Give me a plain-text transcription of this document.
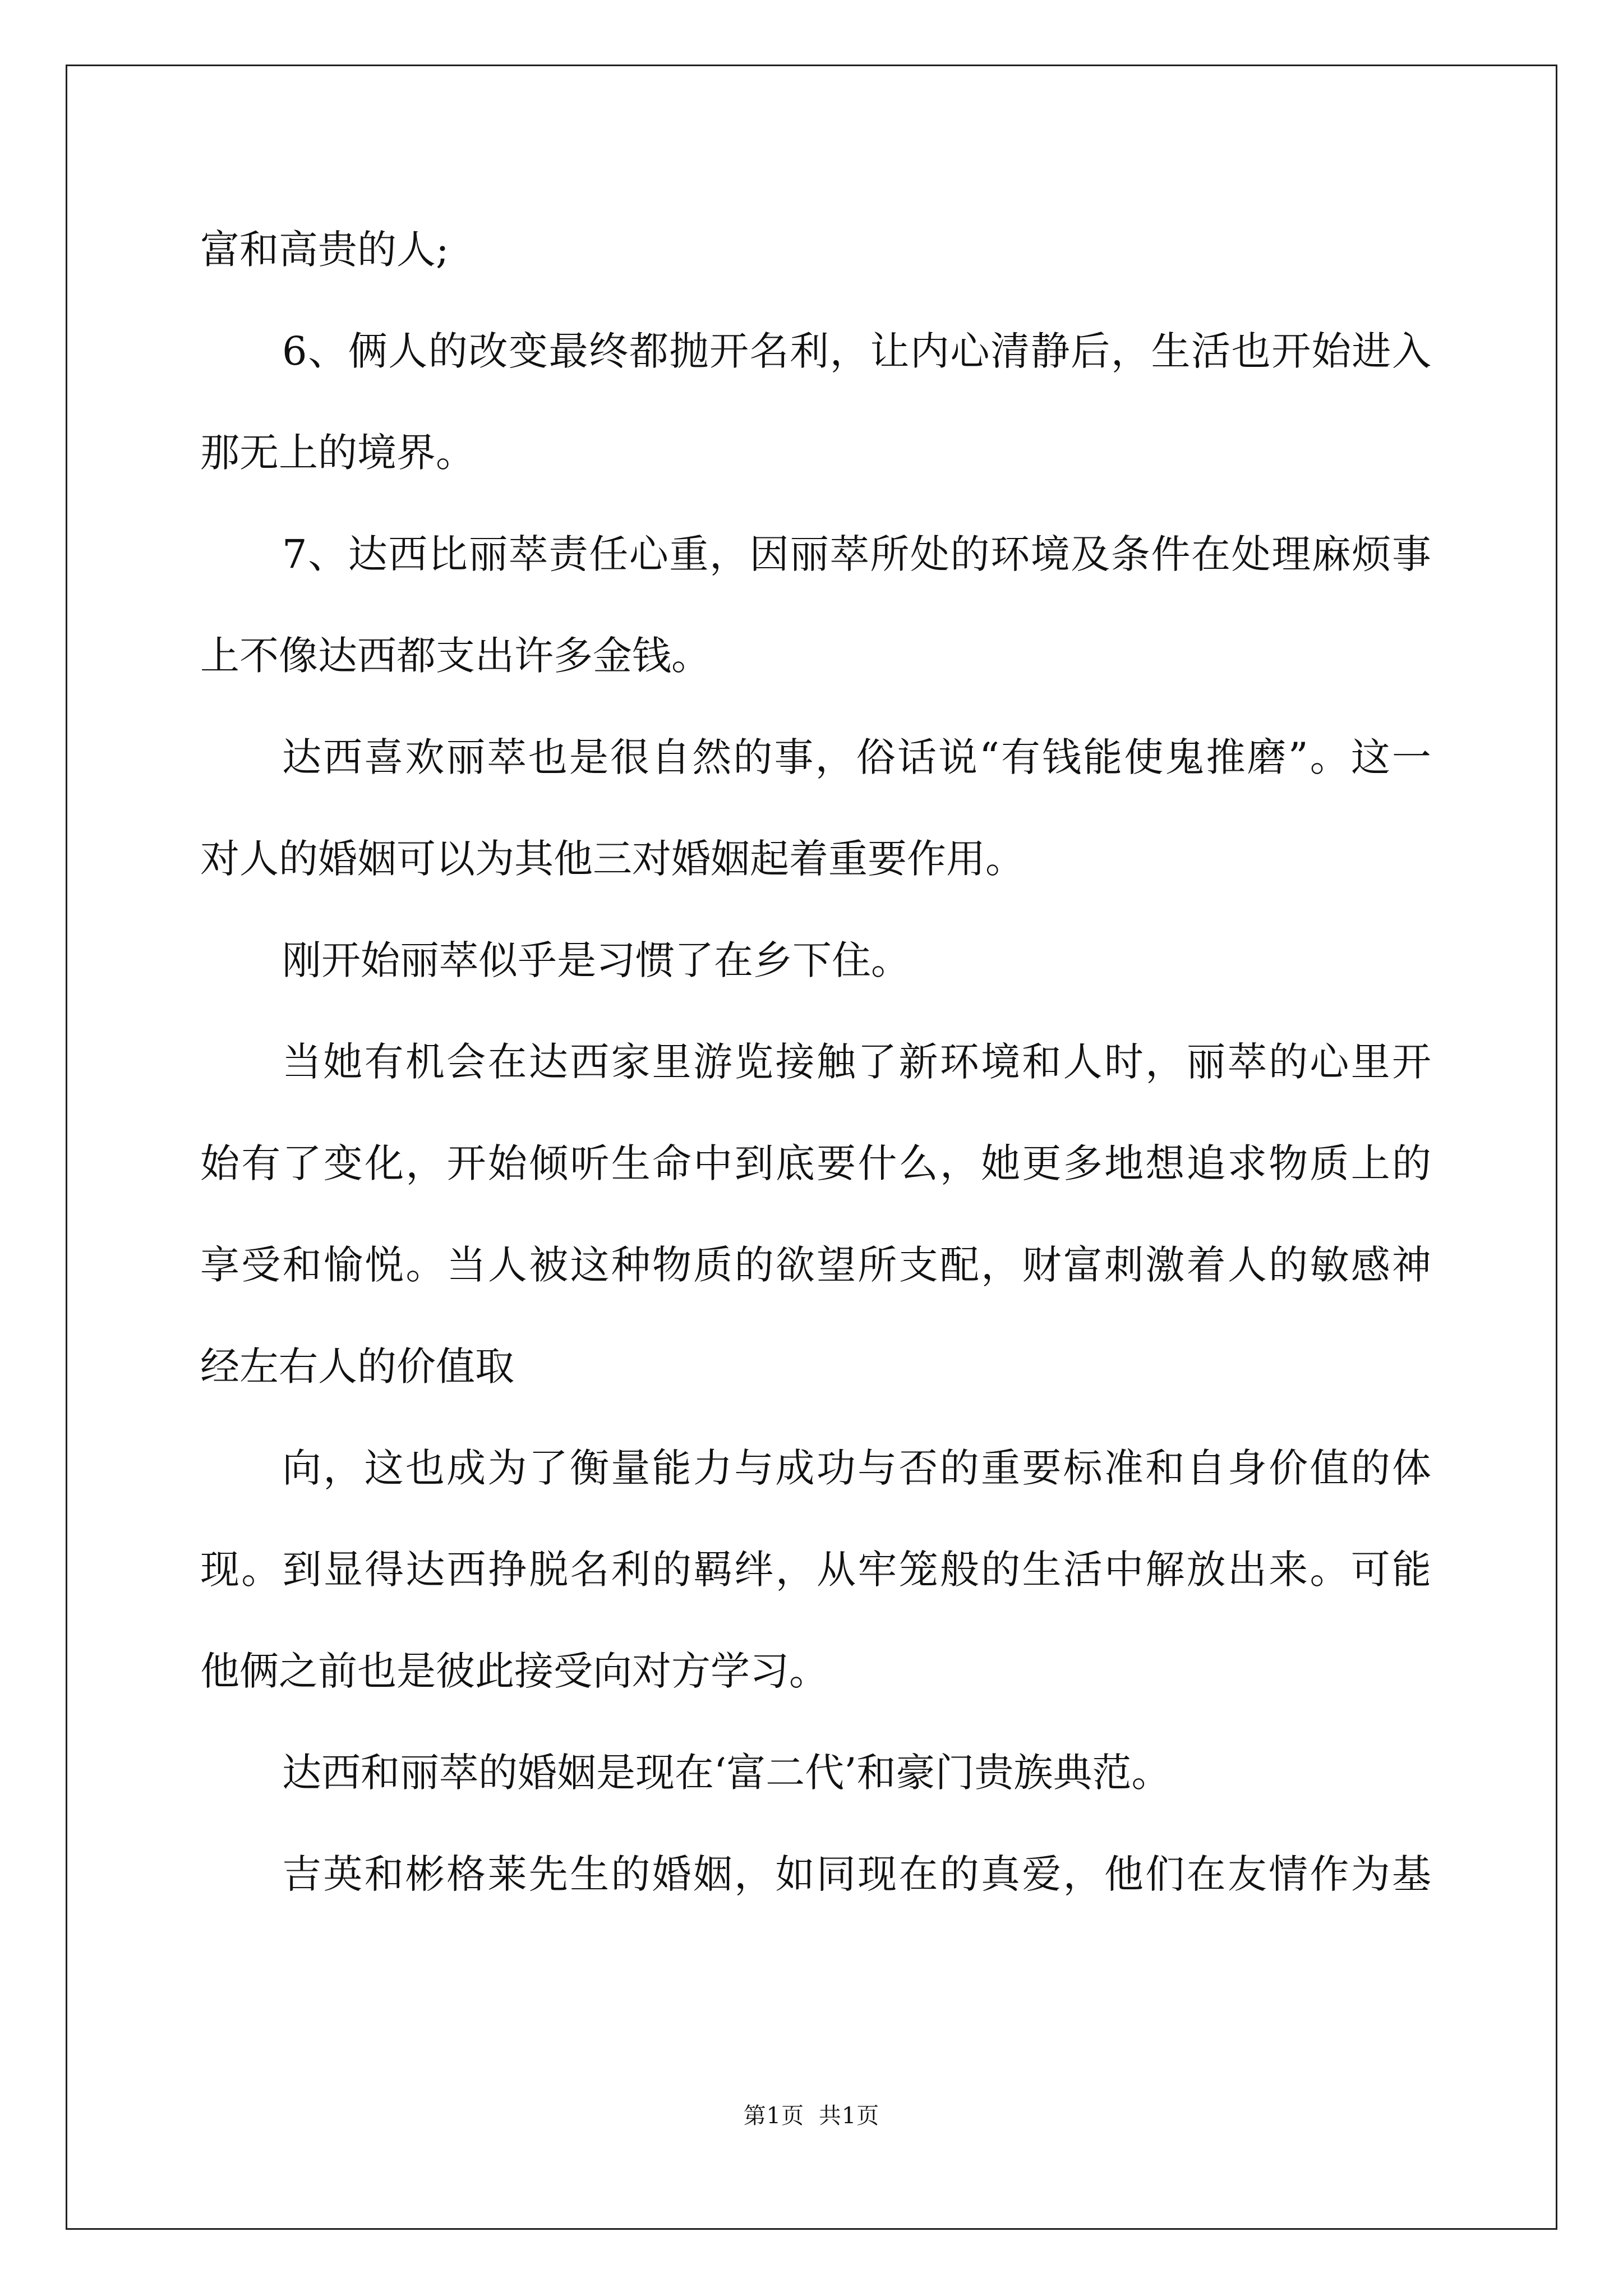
富和高贵的人;
6、俩人的改变最终都抛开名利，让内心清静后，生活也开始进入
那无上的境界。
7、达西比丽萃责任心重，因丽萃所处的环境及条件在处理麻烦事
上不像达西都支出许多金钱。
达西喜欢丽萃也是很自然的事，俗话说“有钱能使鬼推磨”。这一
对人的婚姻可以为其他三对婚姻起着重要作用。
刚开始丽萃似乎是习惯了在乡下住。
当她有机会在达西家里游览接触了新环境和人时，丽萃的心里开
始有了变化，开始倾听生命中到底要什么，她更多地想追求物质上的
享受和愉悦。当人被这种物质的欲望所支配，财富刺激着人的敏感神
经左右人的价值取
向，这也成为了衡量能力与成功与否的重要标准和自身价值的体
现。到显得达西挣脱名利的羁绊，从牢笼般的生活中解放出来。可能
他俩之前也是彼此接受向对方学习。
达西和丽萃的婚姻是现在‘富二代’和豪门贵族典范。
吉英和彬格莱先生的婚姻，如同现在的真爱，他们在友情作为基
第1页 共1页
